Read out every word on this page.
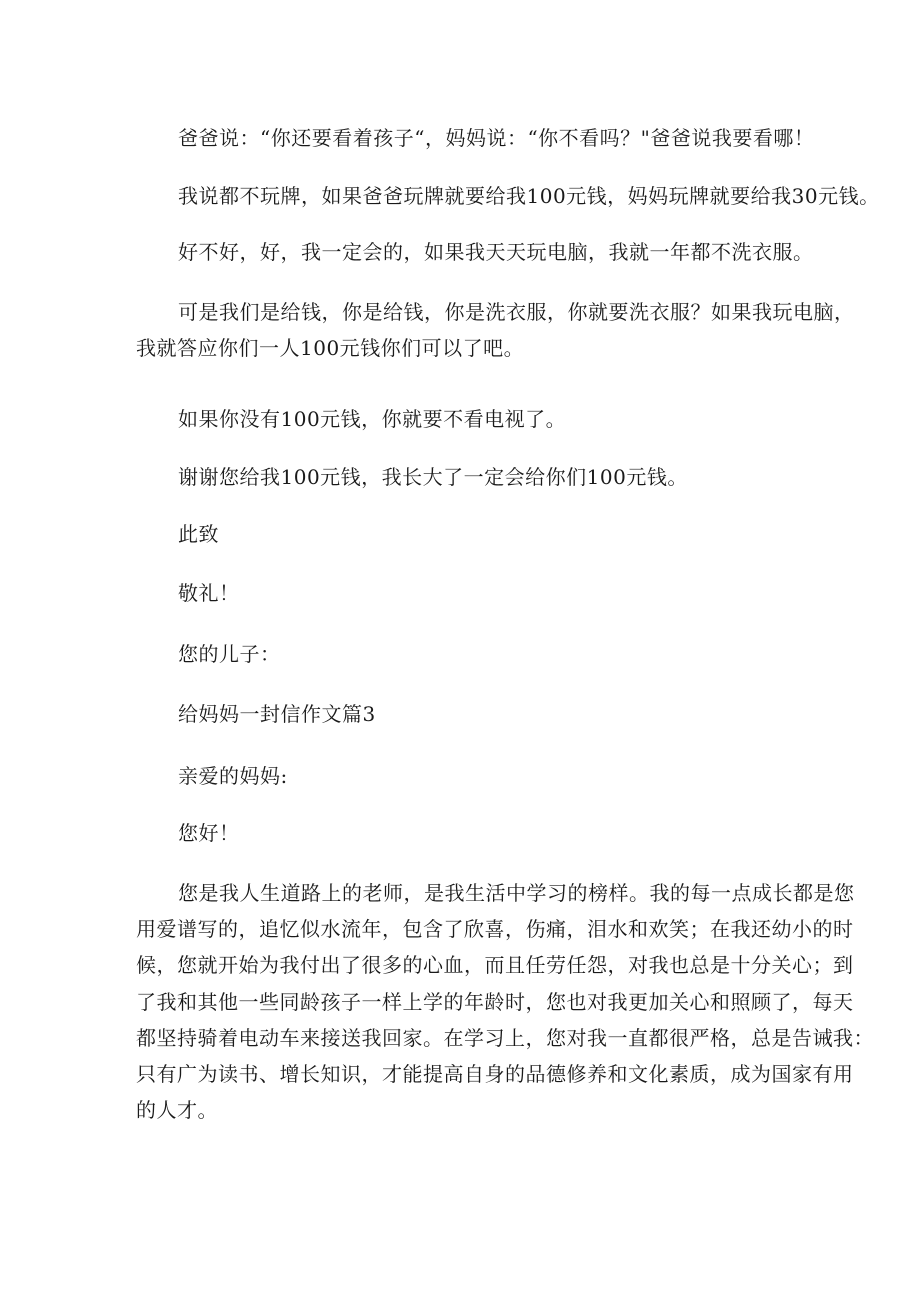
爸爸说：“你还要看着孩子“，妈妈说：“你不看吗？"爸爸说我要看哪！
我说都不玩牌，如果爸爸玩牌就要给我100元钱，妈妈玩牌就要给我30元钱。
好不好，好，我一定会的，如果我天天玩电脑，我就一年都不洗衣服。
可是我们是给钱，你是给钱，你是洗衣服，你就要洗衣服？如果我玩电脑，
我就答应你们一人100元钱你们可以了吧。
如果你没有100元钱，你就要不看电视了。
谢谢您给我100元钱，我长大了一定会给你们100元钱。
此致
敬礼！
您的儿子：
给妈妈一封信作文篇3
亲爱的妈妈:
您好！
您是我人生道路上的老师，是我生活中学习的榜样。我的每一点成长都是您
用爱谱写的，追忆似水流年，包含了欣喜，伤痛，泪水和欢笑；在我还幼小的时
候，您就开始为我付出了很多的心血，而且任劳任怨，对我也总是十分关心；到
了我和其他一些同龄孩子一样上学的年龄时，您也对我更加关心和照顾了，每天
都坚持骑着电动车来接送我回家。在学习上，您对我一直都很严格，总是告诫我：
只有广为读书、增长知识，才能提高自身的品德修养和文化素质，成为国家有用
的人才。
